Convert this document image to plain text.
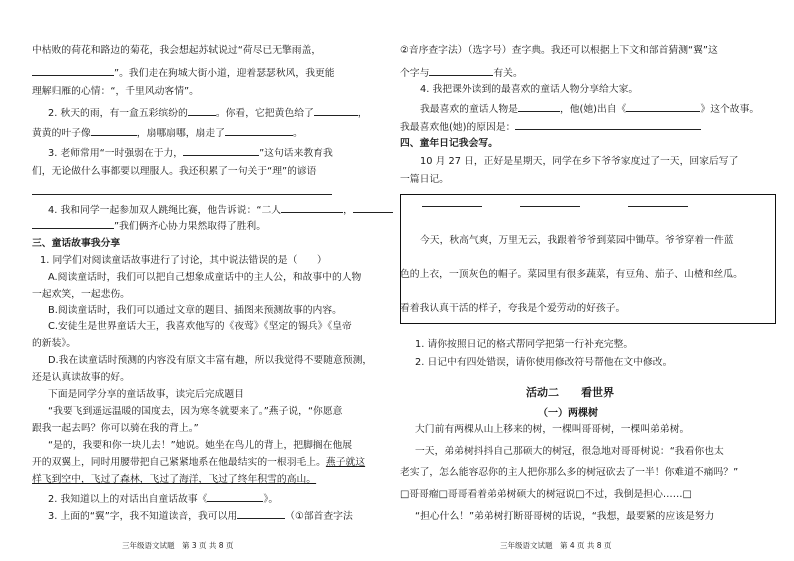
中枯败的荷花和路边的菊花，我会想起苏轼说过“荷尽已无擎雨盖，
”。我们走在狗城大街小道，迎着瑟瑟秋风，我更能
理解归雁的心情：“，千里风动客情”。
2. 秋天的雨，有一盒五彩缤纷的	。你看，它把黄色给了	，
黄黄的叶子像	，扇哪扇哪，扇走了	。
3. 老师常用“一时强弱在于力，	”这句话来教育我
们，无论做什么事都要以理服人。我还积累了一句关于“理”的谚语
4. 我和同学一起参加双人跳绳比赛，他告诉说：“二人	，
”我们俩齐心协力果然取得了胜利。
三、童话故事我分享
1. 同学们对阅读童话故事进行了讨论，其中说法错误的是（　　）
A.阅读童话时，我们可以把自己想象成童话中的主人公，和故事中的人物
一起欢笑，一起悲伤。
B.阅读童话时，我们可以通过文章的题目、插图来预测故事的内容。
C.安徒生是世界童话大王，我喜欢他写的《夜莺》《坚定的锡兵》《皇帝
的新装》。
D.我在读童话时预测的内容没有原文丰富有趣，所以我觉得不要随意预测，
还是认真读故事的好。
下面是同学分享的童话故事，读完后完成题目
“我要飞到遥远温暖的国度去，因为寒冬就要来了。”燕子说，“你愿意
跟我一起去吗？你可以骑在我的背上。”
“是的，我要和你一块儿去！”她说。她坐在鸟儿的背上，把脚搁在他展
开的双翼上，同时用腰带把自己紧紧地系在他最结实的一根羽毛上。燕子就这
样飞到空中，飞过了森林，飞过了海洋，飞过了终年积雪的高山。
2. 我知道以上的对话出自童话故事《	》。
3. 上面的“翼”字，我不知道读音，我可以用	（①部首查字法
三年级语文试题　第 3 页 共 8 页
②音序查字法）（选字号）查字典。我还可以根据上下文和部首猜测“翼”这
个字与	有关。
4. 我把课外读到的最喜欢的童话人物分享给大家。
我最喜欢的童话人物是	，他(她)出自《	》这个故事。
我最喜欢他(她)的原因是：
四、童年日记我会写。
10 月 27 日，正好是星期天，同学在乡下爷爷家度过了一天，回家后写了
一篇日记。
今天，秋高气爽，万里无云，我跟着爷爷到菜园中锄草。爷爷穿着一件蓝
色的上衣，一顶灰色的帽子。菜园里有很多蔬菜，有豆角、茄子、山楂和丝瓜。
看着我认真干活的样子，夸我是个爱劳动的好孩子。
1. 请你按照日记的格式帮同学把第一行补充完整。
2. 日记中有四处错误，请你使用修改符号帮他在文中修改。
活动二　　看世界
（一）两棵树
大门前有两棵从山上移来的树，一棵叫哥哥树，一棵叫弟弟树。
一天，弟弟树抖抖自己那硕大的树冠，很急地对哥哥树说：“我看你也太
老实了，怎么能容忍你的主人把你那么多的树冠砍去了一半！你难道不痛吗？”
□哥哥瘤□哥哥看着弟弟树硕大的树冠说□不过，我倒是担心……□
“担心什么！”弟弟树打断哥哥树的话说，“我想，最要紧的应该是努力
三年级语文试题　第 4 页 共 8 页
